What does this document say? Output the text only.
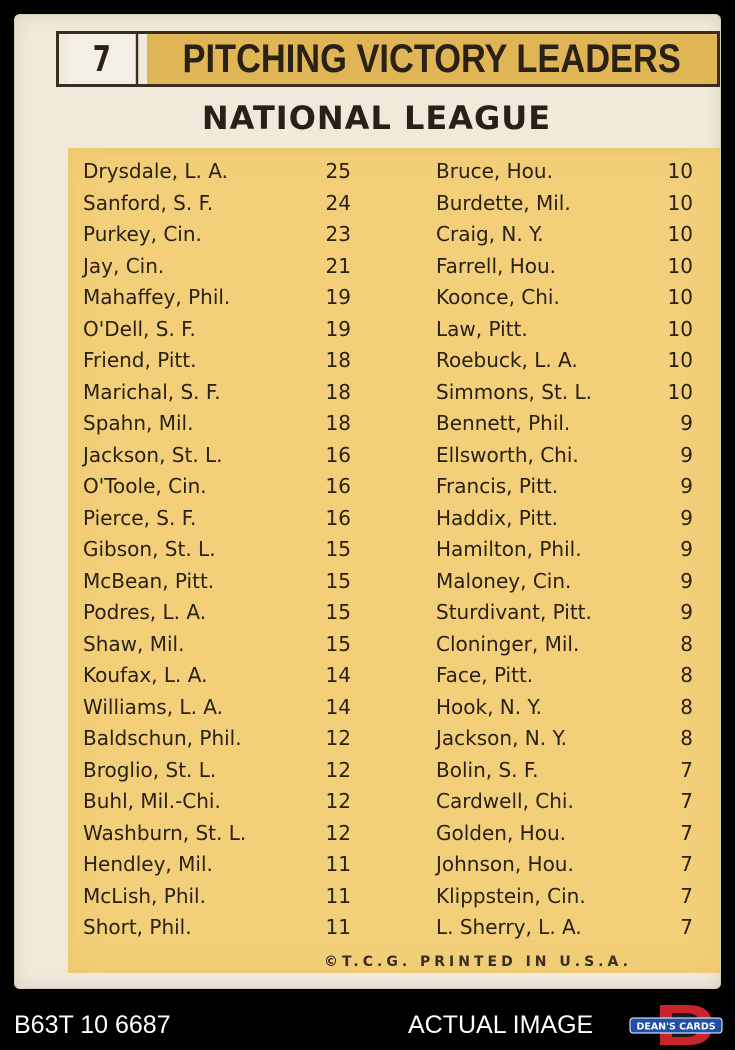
7	PITCHING VICTORY LEADERS
NATIONAL LEAGUE
Drysdale, L. A.	25	Bruce, Hou.	10
Sanford, S. F.	24	Burdette, Mil.	10
Purkey, Cin.	23	Craig, N. Y.	10
Jay, Cin.	21	Farrell, Hou.	10
Mahaffey, Phil.	19	Koonce, Chi.	10
O'Dell, S. F.	19	Law, Pitt.	10
Friend, Pitt.	18	Roebuck, L. A.	10
Marichal, S. F.	18	Simmons, St. L.	10
Spahn, Mil.	18	Bennett, Phil.	9
Jackson, St. L.	16	Ellsworth, Chi.	9
O'Toole, Cin.	16	Francis, Pitt.	9
Pierce, S. F.	16	Haddix, Pitt.	9
Gibson, St. L.	15	Hamilton, Phil.	9
McBean, Pitt.	15	Maloney, Cin.	9
Podres, L. A.	15	Sturdivant, Pitt.	9
Shaw, Mil.	15	Cloninger, Mil.	8
Koufax, L. A.	14	Face, Pitt.	8
Williams, L. A.	14	Hook, N. Y.	8
Baldschun, Phil.	12	Jackson, N. Y.	8
Broglio, St. L.	12	Bolin, S. F.	7
Buhl, Mil.-Chi.	12	Cardwell, Chi.	7
Washburn, St. L.	12	Golden, Hou.	7
Hendley, Mil.	11	Johnson, Hou.	7
McLish, Phil.	11	Klippstein, Cin.	7
Short, Phil.	11	L. Sherry, L. A.	7
©T.C.G. PRINTED IN U.S.A.
B63T 10 6687	ACTUAL IMAGE	DEAN'S CARDS
